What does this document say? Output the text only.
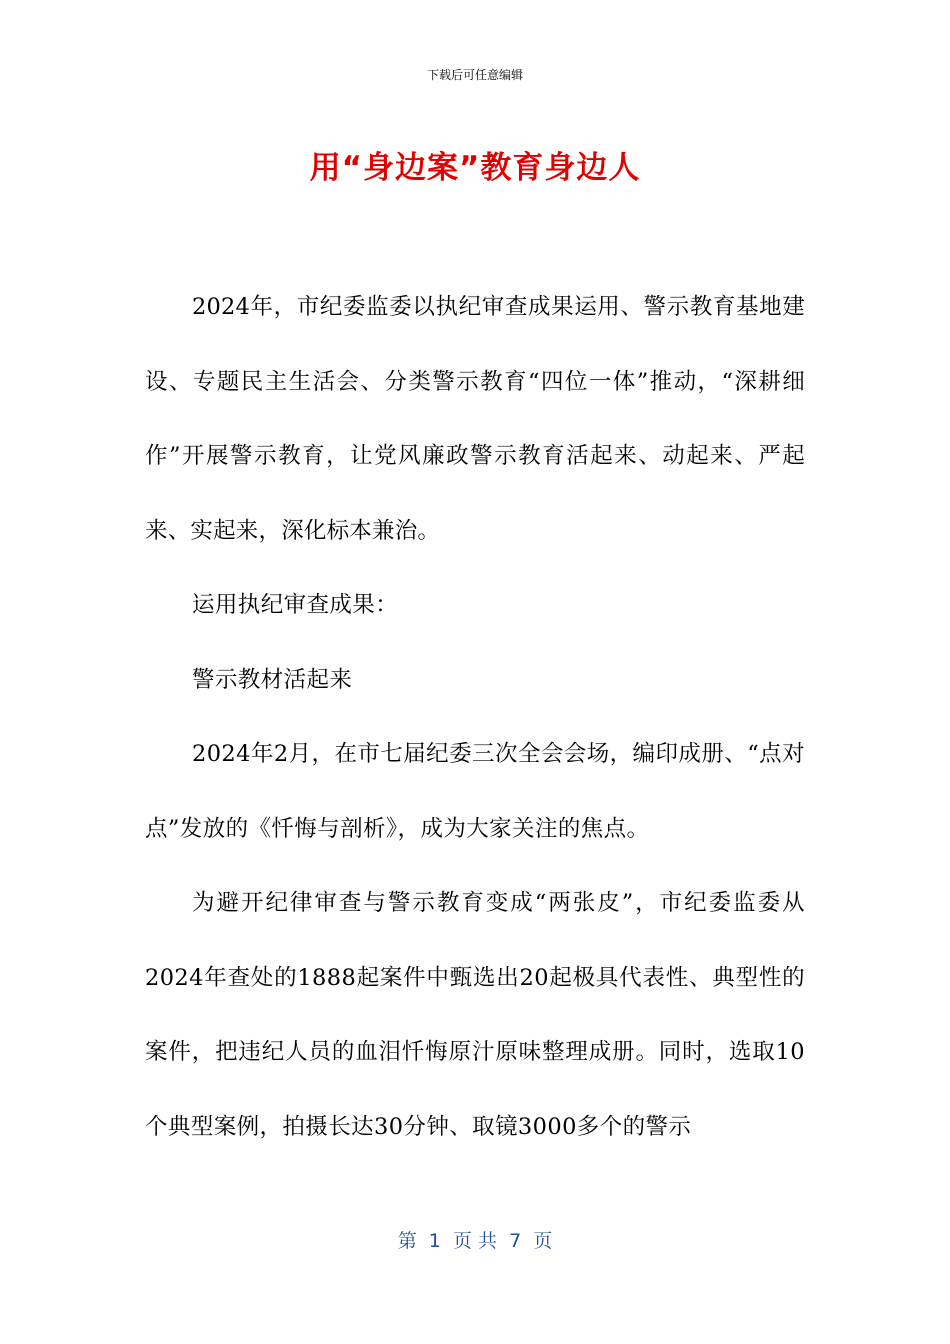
下载后可任意编辑
用“身边案”教育身边人

2024年，市纪委监委以执纪审查成果运用、警示教育基地建设、专题民主生活会、分类警示教育“四位一体”推动，“深耕细作”开展警示教育，让党风廉政警示教育活起来、动起来、严起来、实起来，深化标本兼治。

运用执纪审查成果：

警示教材活起来

2024年2月，在市七届纪委三次全会会场，编印成册、“点对点”发放的《忏悔与剖析》，成为大家关注的焦点。

为避开纪律审查与警示教育变成“两张皮”，市纪委监委从2024年查处的1888起案件中甄选出20起极具代表性、典型性的案件，把违纪人员的血泪忏悔原汁原味整理成册。同时，选取10个典型案例，拍摄长达30分钟、取镜3000多个的警示

第  1  页 共  7  页
